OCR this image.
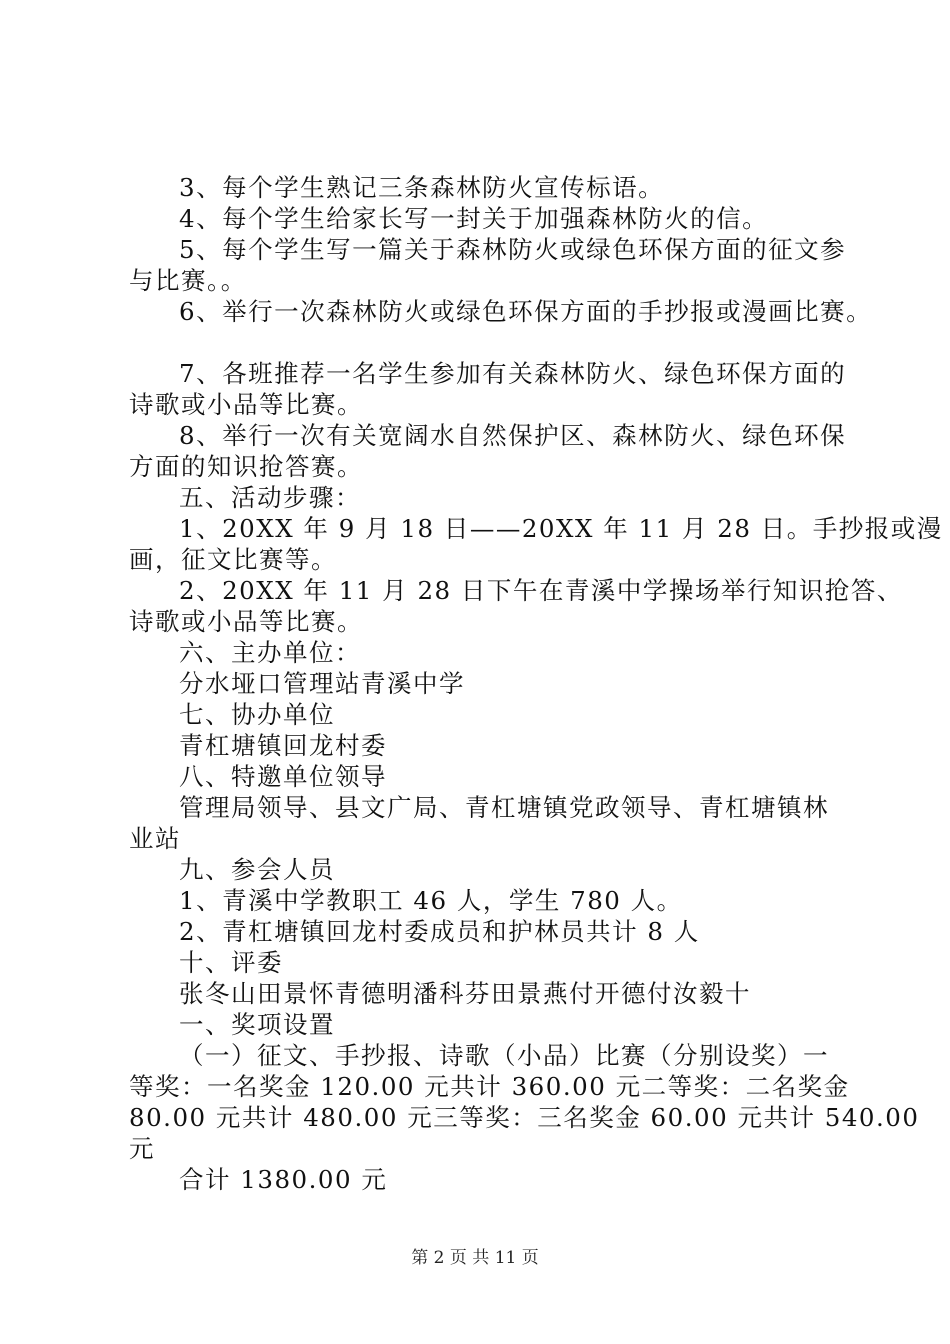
3、每个学生熟记三条森林防火宣传标语。
4、每个学生给家长写一封关于加强森林防火的信。
5、每个学生写一篇关于森林防火或绿色环保方面的征文参
与比赛。。
6、举行一次森林防火或绿色环保方面的手抄报或漫画比赛。
7、各班推荐一名学生参加有关森林防火、绿色环保方面的
诗歌或小品等比赛。
8、举行一次有关宽阔水自然保护区、森林防火、绿色环保
方面的知识抢答赛。
五、活动步骤：
1、20XX 年 9 月 18 日——20XX 年 11 月 28 日。手抄报或漫
画，征文比赛等。
2、20XX 年 11 月 28 日下午在青溪中学操场举行知识抢答、
诗歌或小品等比赛。
六、主办单位：
分水垭口管理站青溪中学
七、协办单位
青杠塘镇回龙村委
八、特邀单位领导
管理局领导、县文广局、青杠塘镇党政领导、青杠塘镇林
业站
九、参会人员
1、青溪中学教职工 46 人，学生 780 人。
2、青杠塘镇回龙村委成员和护林员共计 8 人
十、评委
张冬山田景怀青德明潘科芬田景燕付开德付汝毅十
一、奖项设置
（一）征文、手抄报、诗歌（小品）比赛（分别设奖）一
等奖：一名奖金 120.00 元共计 360.00 元二等奖：二名奖金
80.00 元共计 480.00 元三等奖：三名奖金 60.00 元共计 540.00
元
合计 1380.00 元
第 2 页 共 11 页
